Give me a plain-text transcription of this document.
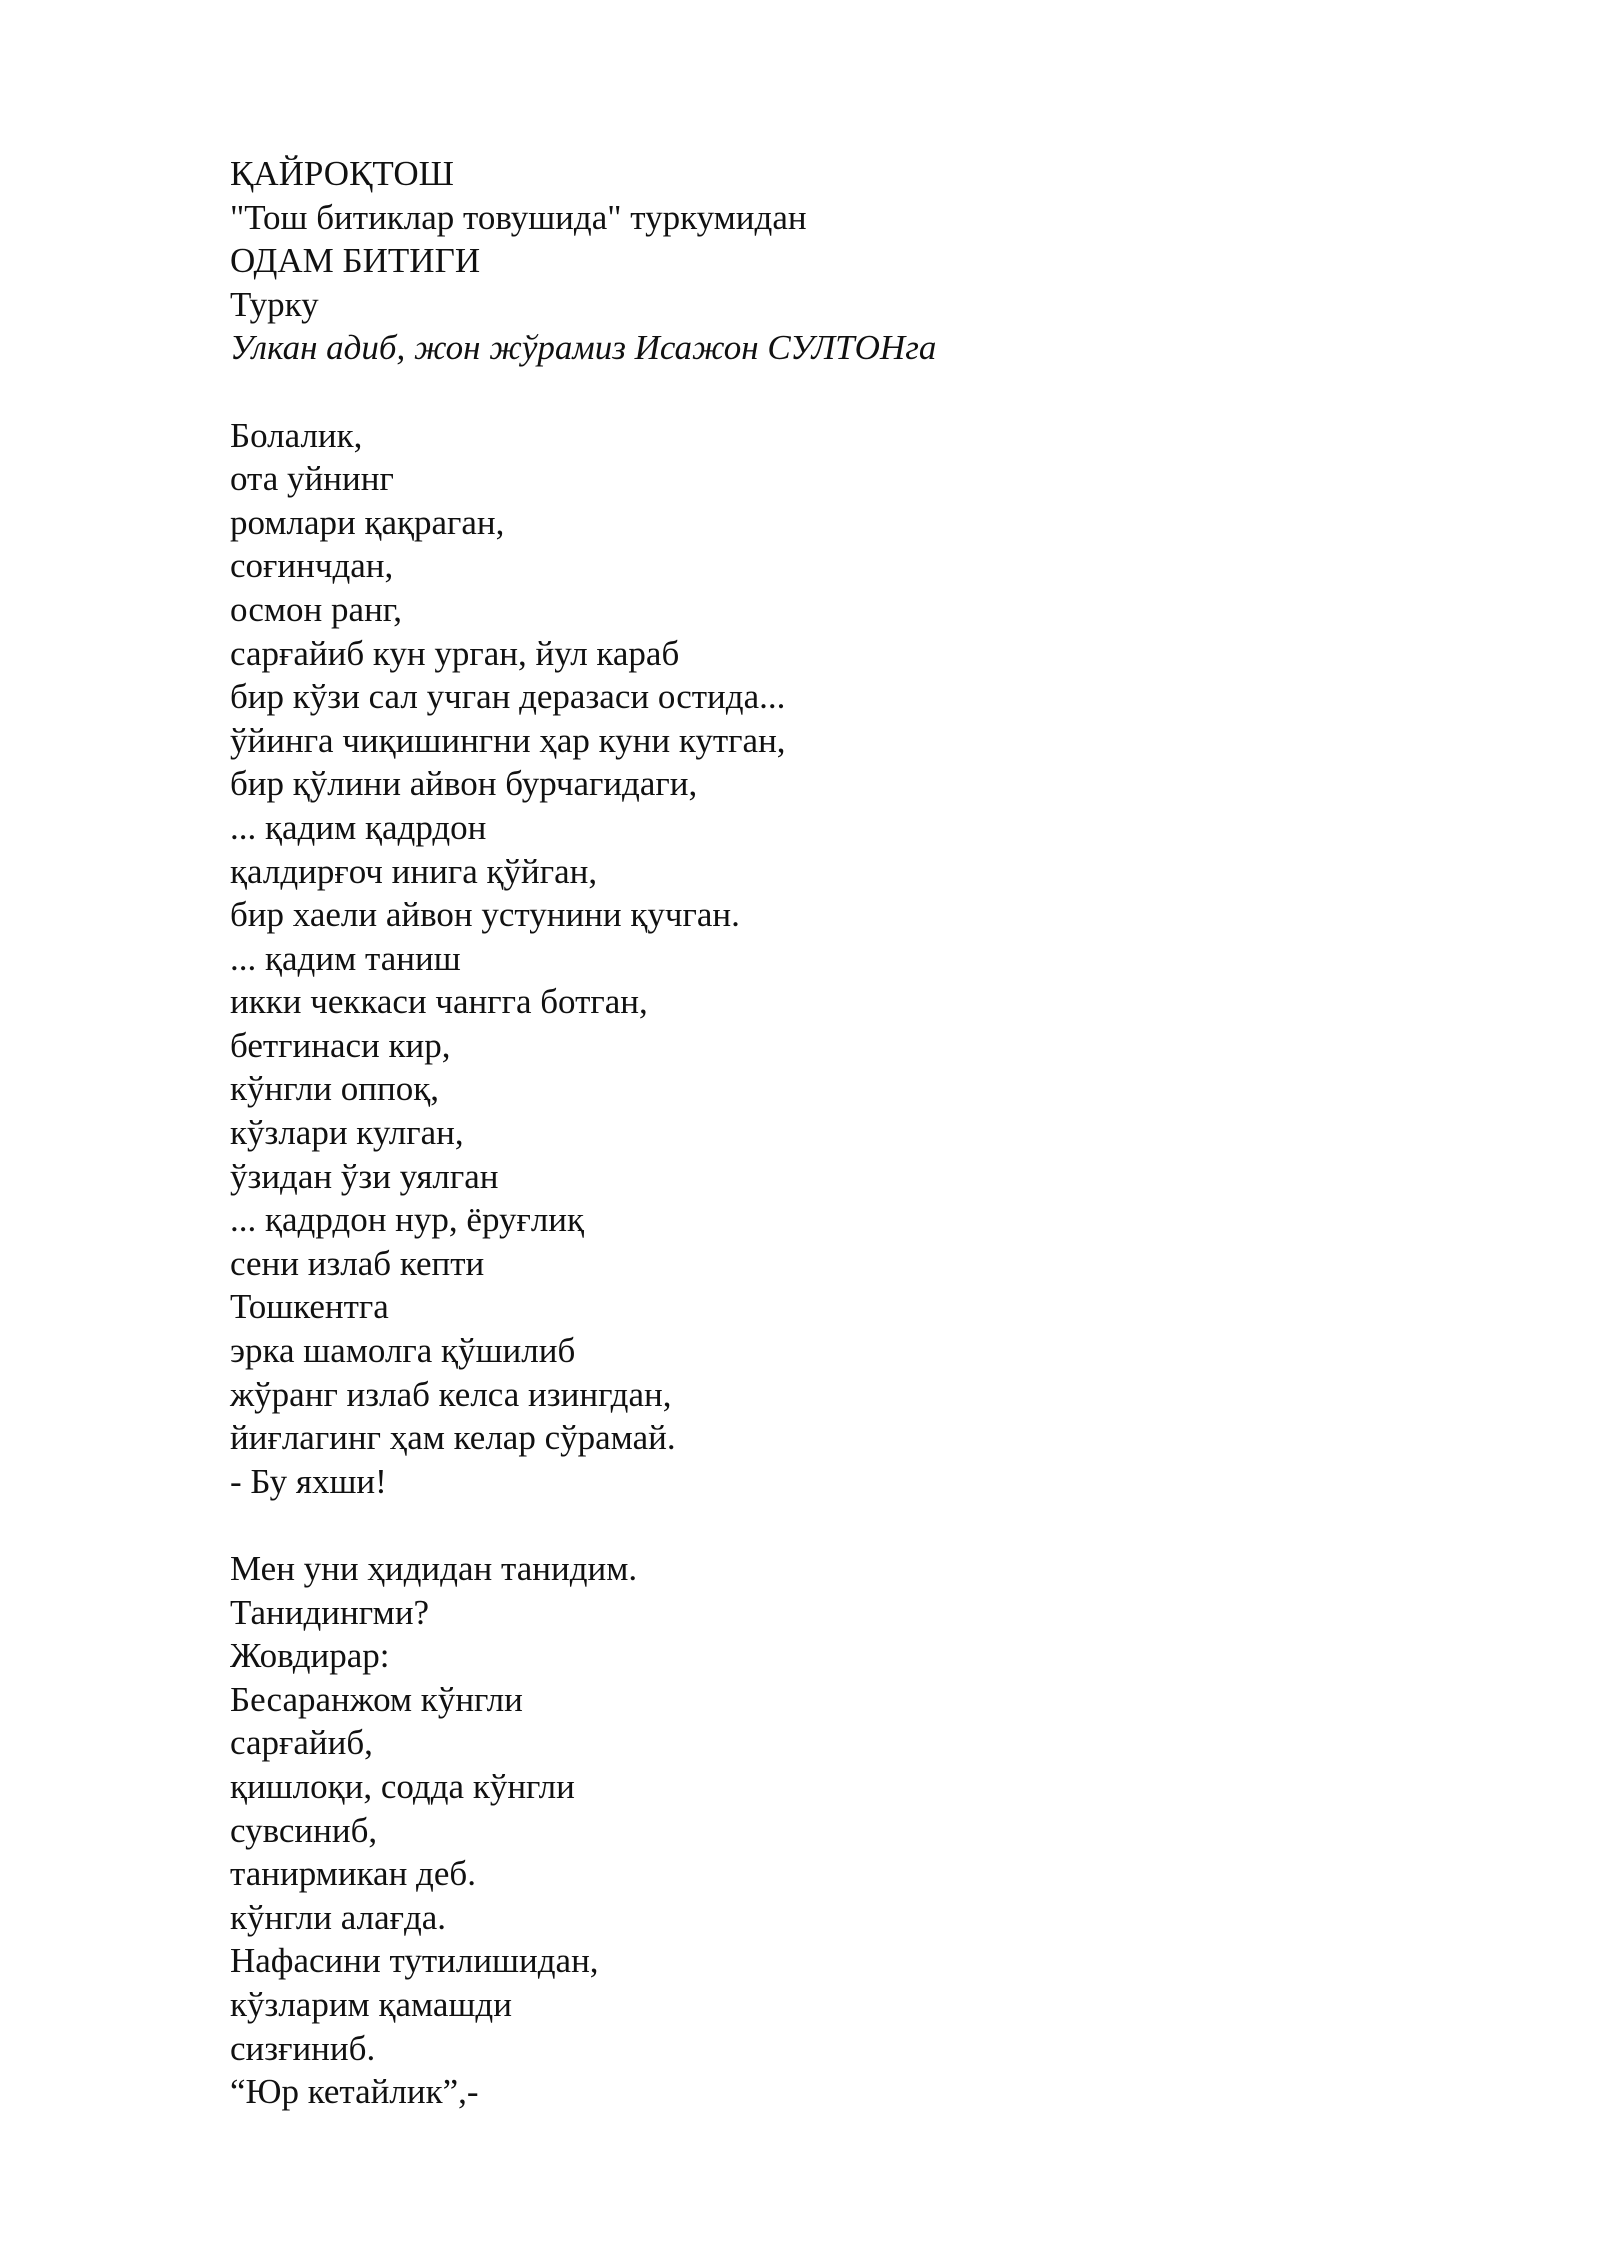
ҚАЙРОҚТОШ
"Тош битиклар товушида" туркумидан
ОДАМ БИТИГИ
Турку
Улкан адиб, жон жўрамиз Исажон СУЛТОНга
Болалик,
ота уйнинг
ромлари қақраган,
соғинчдан,
осмон ранг,
сарғайиб кун урган, йул караб
бир кўзи сал учган деразаси остида...
ўйинга чиқишингни ҳар куни кутган,
бир қўлини айвон бурчагидаги,
... қадим қадрдон
қалдирғоч инига қўйган,
бир хаели айвон устунини қучган.
... қадим таниш
икки чеккаси чангга ботган,
бетгинаси кир,
кўнгли оппоқ,
кўзлари кулган,
ўзидан ўзи уялган
... қадрдон нур, ёруғлиқ
сени излаб кепти
Тошкентга
эрка шамолга қўшилиб
жўранг излаб келса изингдан,
йиғлагинг ҳам келар сўрамай.
- Бу яхши!
Мен уни ҳидидан танидим.
Танидингми?
Жовдирар:
Бесаранжом кўнгли
сарғайиб,
қишлоқи, содда кўнгли
сувсиниб,
танирмикан деб.
кўнгли алағда.
Нафасини тутилишидан,
кўзларим қамашди
сизғиниб.
“Юр кетайлик”,-
